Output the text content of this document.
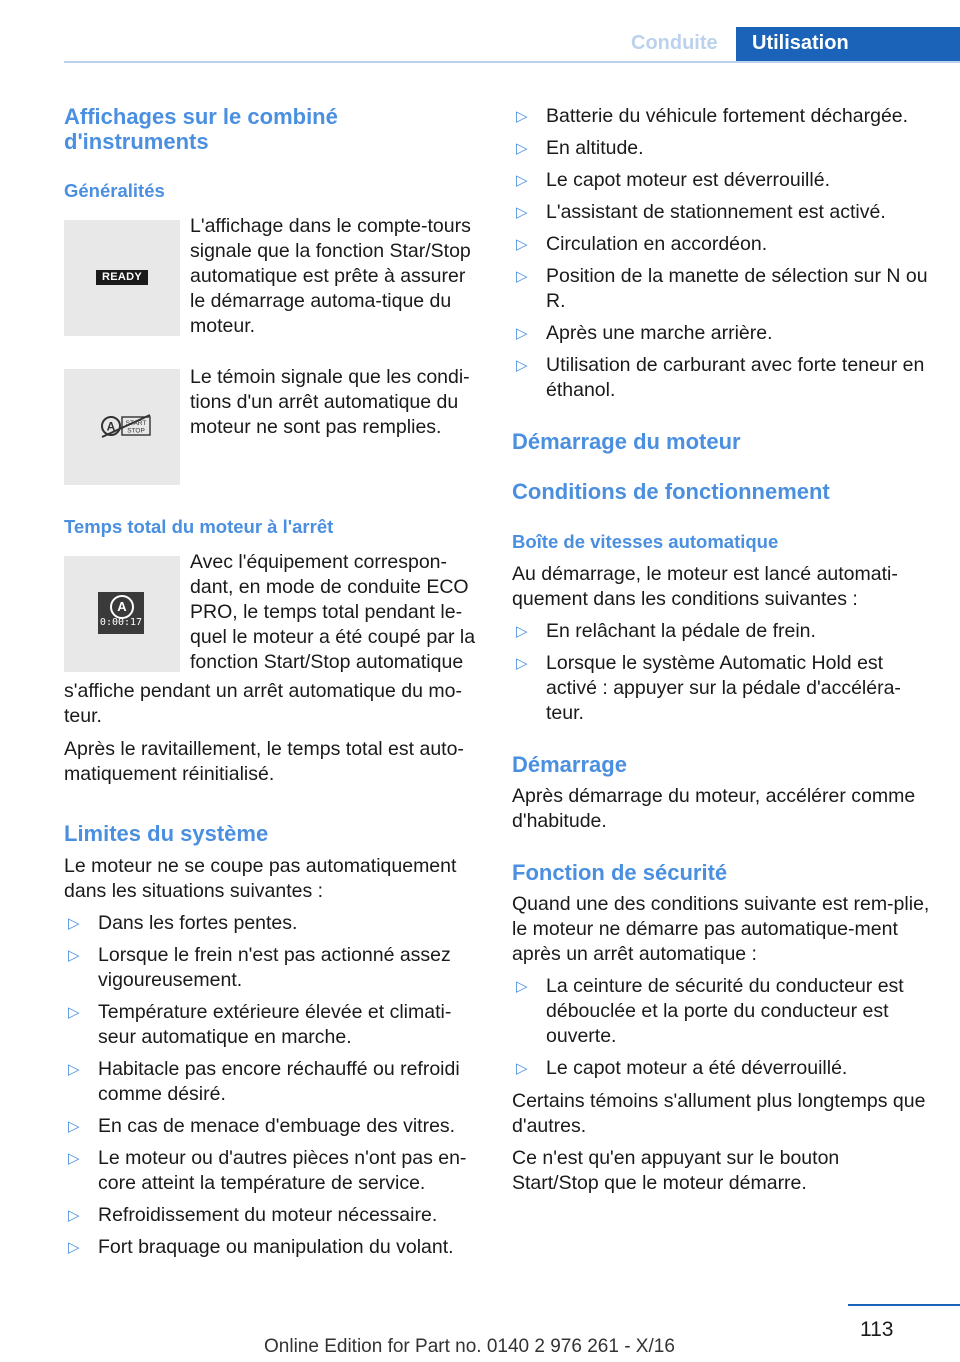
Conduite	Utilisation
Affichages sur le combiné d'instruments
Généralités
READY

L'affichage dans le compte-tours signale que la fonction Star/Stop automatique est prête à assurer le démarrage automa-tique du moteur.

A START
STOP

Le témoin signale que les condi-tions d'un arrêt automatique du moteur ne sont pas remplies.

Temps total du moteur à l'arrêt
A
0:00:17

Avec l'équipement correspon-dant, en mode de conduite ECO PRO, le temps total pendant le-quel le moteur a été coupé par la fonction Start/Stop automatique

s'affiche pendant un arrêt automatique du mo-teur.

Après le ravitaillement, le temps total est auto-matiquement réinitialisé.

Limites du système

Le moteur ne se coupe pas automatiquement dans les situations suivantes :

▷ Dans les fortes pentes.
▷ Lorsque le frein n'est pas actionné assez vigoureusement.
▷ Température extérieure élevée et climati-seur automatique en marche.
▷ Habitacle pas encore réchauffé ou refroidi comme désiré.
▷ En cas de menace d'embuage des vitres.
▷ Le moteur ou d'autres pièces n'ont pas en-core atteint la température de service.
▷ Refroidissement du moteur nécessaire.
▷ Fort braquage ou manipulation du volant.
▷ Batterie du véhicule fortement déchargée.
▷ En altitude.
▷ Le capot moteur est déverrouillé.
▷ L'assistant de stationnement est activé.
▷ Circulation en accordéon.
▷ Position de la manette de sélection sur N ou R.
▷ Après une marche arrière.
▷ Utilisation de carburant avec forte teneur en éthanol.
Démarrage du moteur
Conditions de fonctionnement
Boîte de vitesses automatique

Au démarrage, le moteur est lancé automati-quement dans les conditions suivantes :

▷ En relâchant la pédale de frein.
▷ Lorsque le système Automatic Hold est activé : appuyer sur la pédale d'accéléra-teur.
Démarrage

Après démarrage du moteur, accélérer comme d'habitude.

Fonction de sécurité

Quand une des conditions suivante est rem-plie, le moteur ne démarre pas automatique-ment après un arrêt automatique :

▷ La ceinture de sécurité du conducteur est débouclée et la porte du conducteur est ouverte.
▷ Le capot moteur a été déverrouillé.

Certains témoins s'allument plus longtemps que d'autres.

Ce n'est qu'en appuyant sur le bouton Start/Stop que le moteur démarre.

113
Online Edition for Part no. 0140 2 976 261 - X/16
